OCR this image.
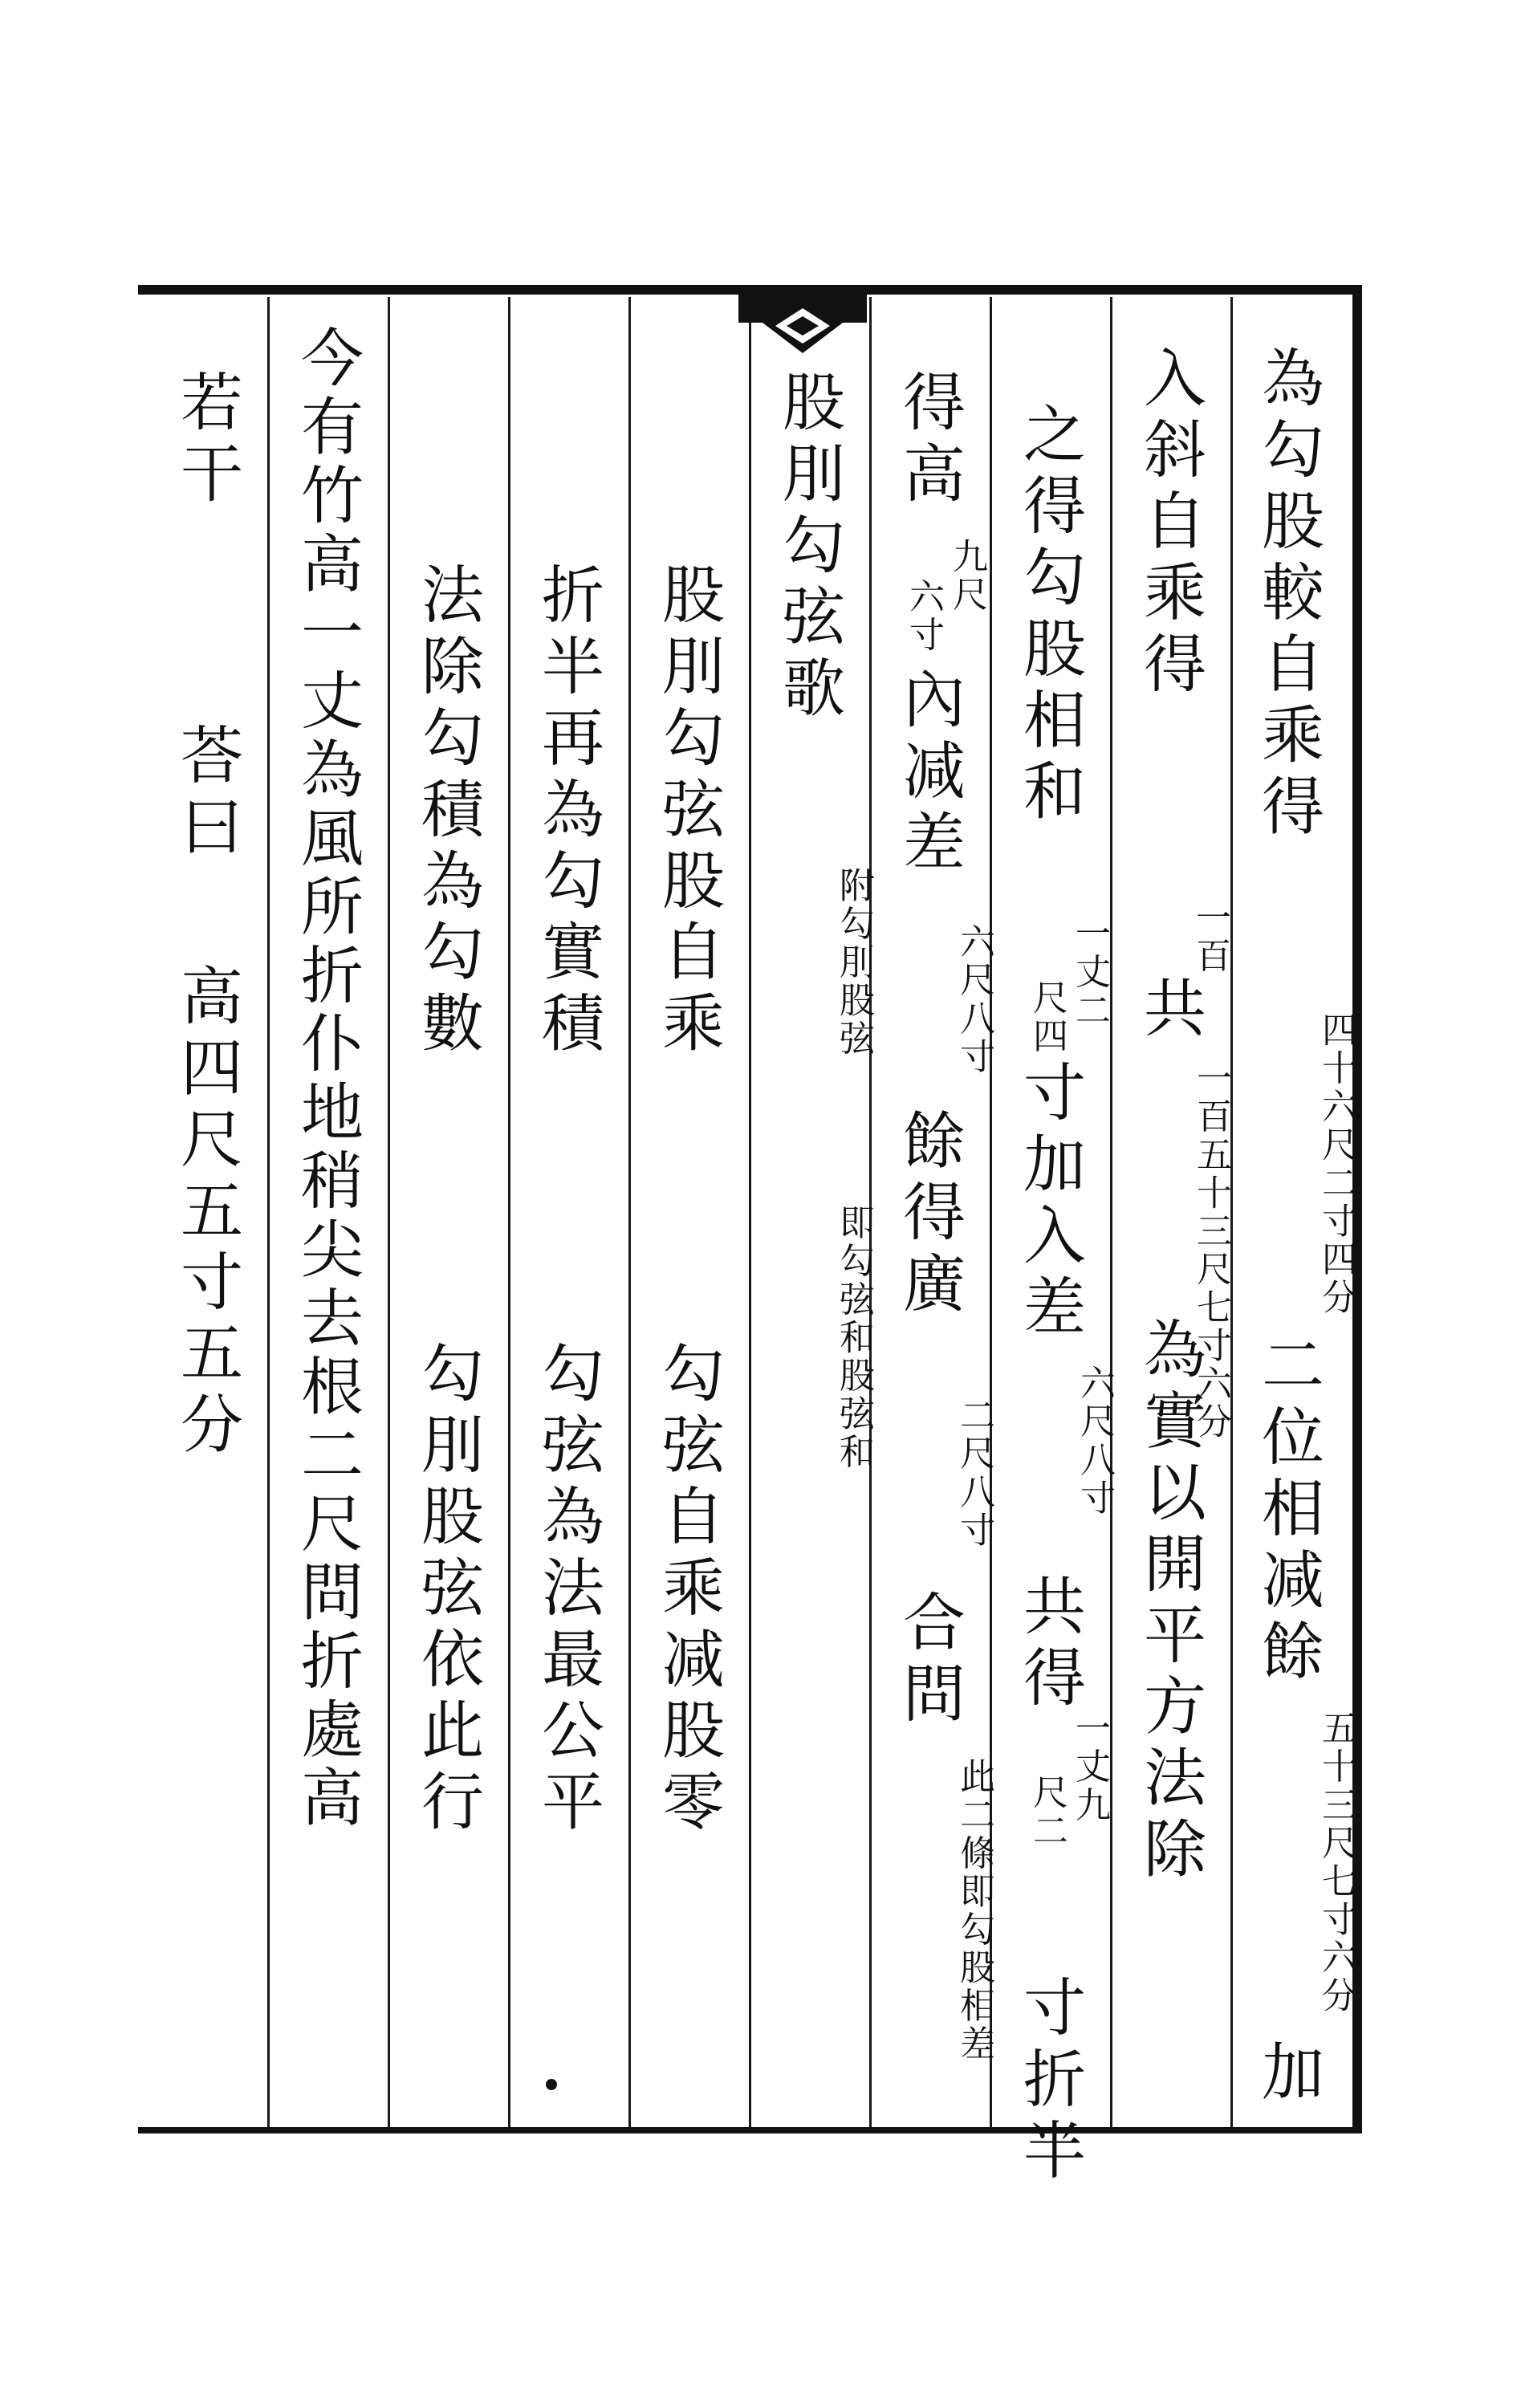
為勾股較自乘得
四十六尺二寸四分
二位相减餘
五十三尺七寸六分
加
入斜自乘得
一百
共
一百五十三尺七寸六分
為實以開平方法除
之得勾股相和
一丈二
尺四
寸加入差
六尺八寸
共得
一丈九
尺二
寸折半
得高
九尺
六寸
內减差
六尺八寸
餘得廣
二尺八寸
合問
此二條即勾股相差
股刖勾弦歌
附勾刖股弦
即勾弦和股弦和
股刖勾弦股自乘
勾弦自乘减股零
折半再為勾實積
勾弦為法最公平
法除勾積為勾數
勾刖股弦依此行
今有竹高一丈為風所折仆地稍尖去根二尺問折處高
若干
荅曰
高四尺五寸五分
